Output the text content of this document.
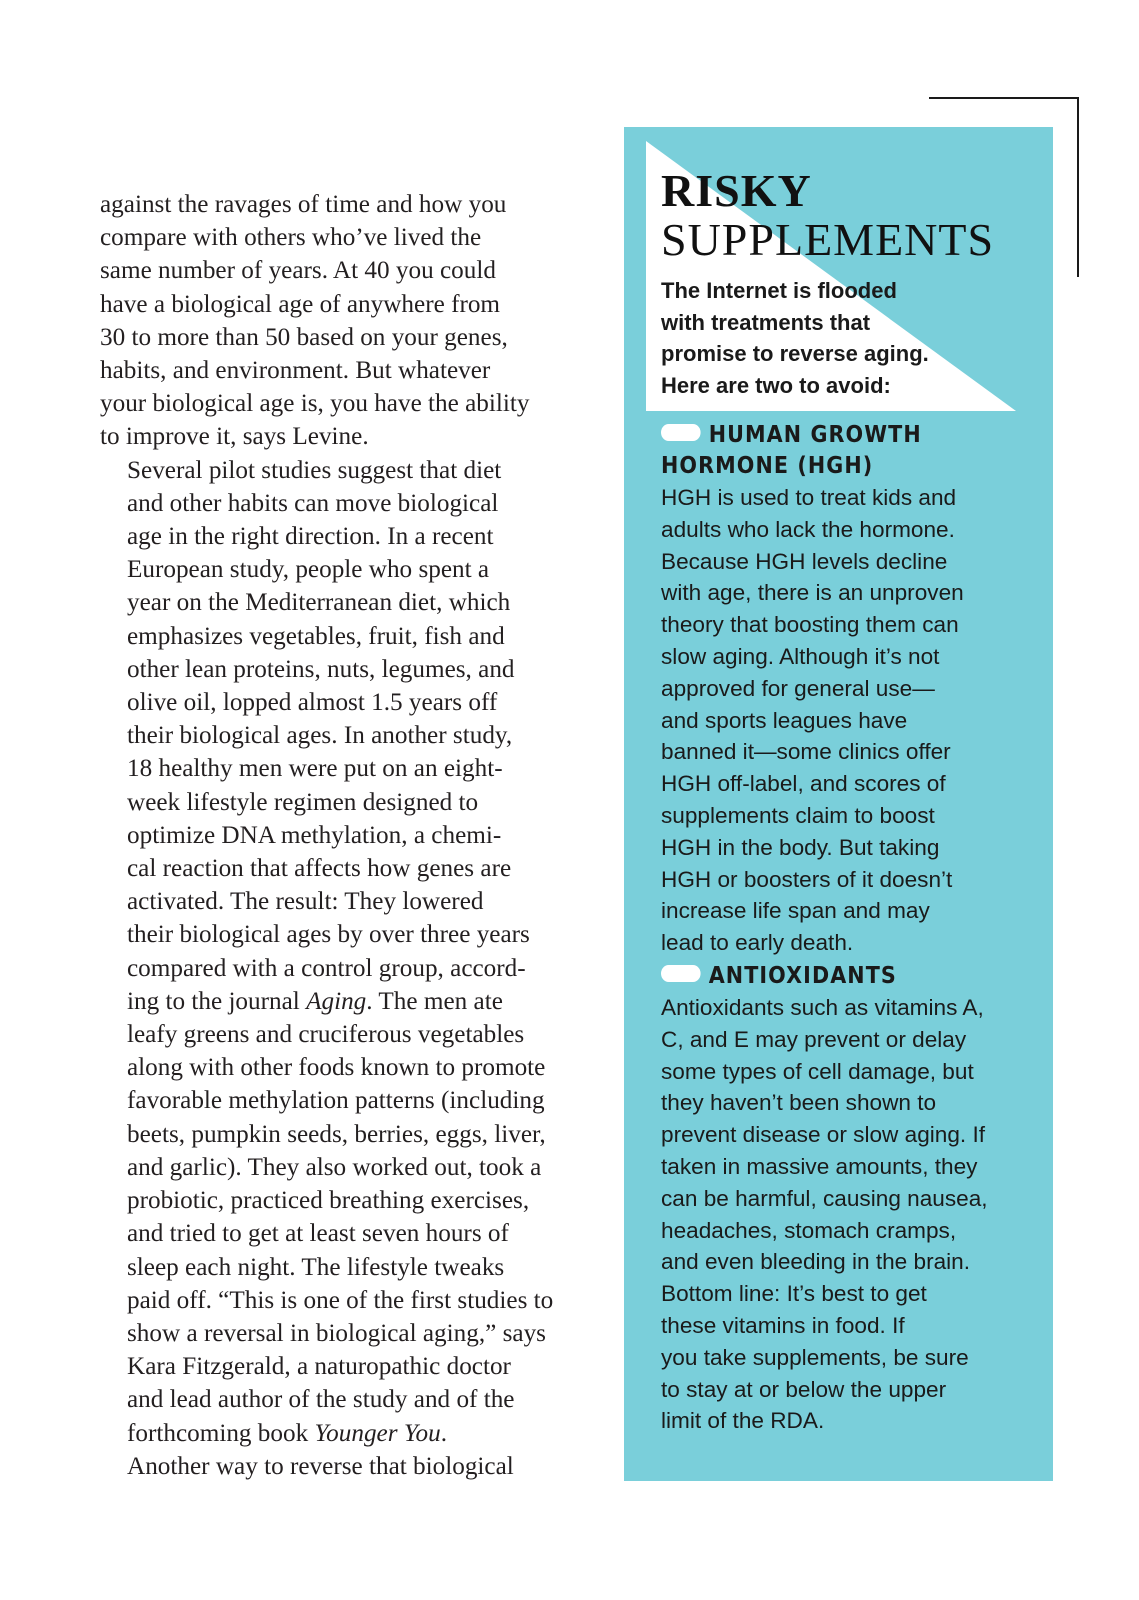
against the ravages of time and how you
compare with others who’ve lived the
same number of years. At 40 you could
have a biological age of anywhere from
30 to more than 50 based on your genes,
habits, and environment. But whatever
your biological age is, you have the ability
to improve it, says Levine.

Several pilot studies suggest that diet
and other habits can move biological
age in the right direction. In a recent
European study, people who spent a
year on the Mediterranean diet, which
emphasizes vegetables, fruit, fish and
other lean proteins, nuts, legumes, and
olive oil, lopped almost 1.5 years off
their biological ages. In another study,
18 healthy men were put on an eight-
week lifestyle regimen designed to
optimize DNA methylation, a chemi-
cal reaction that affects how genes are
activated. The result: They lowered
their biological ages by over three years
compared with a control group, accord-
ing to the journal Aging. The men ate
leafy greens and cruciferous vegetables
along with other foods known to promote
favorable methylation patterns (including
beets, pumpkin seeds, berries, eggs, liver,
and garlic). They also worked out, took a
probiotic, practiced breathing exercises,
and tried to get at least seven hours of
sleep each night. The lifestyle tweaks
paid off. “This is one of the first studies to
show a reversal in biological aging,” says
Kara Fitzgerald, a naturopathic doctor
and lead author of the study and of the
forthcoming book Younger You.

Another way to reverse that biological

RISKY
SUPPLEMENTS
The Internet is flooded
with treatments that
promise to reverse aging.
Here are two to avoid:
HUMAN GROWTH
HORMONE (HGH)
HGH is used to treat kids and
adults who lack the hormone.
Because HGH levels decline
with age, there is an unproven
theory that boosting them can
slow aging. Although it’s not
approved for general use—
and sports leagues have
banned it—some clinics offer
HGH off-label, and scores of
supplements claim to boost
HGH in the body. But taking
HGH or boosters of it doesn’t
increase life span and may
lead to early death.
ANTIOXIDANTS
Antioxidants such as vitamins A,
C, and E may prevent or delay
some types of cell damage, but
they haven’t been shown to
prevent disease or slow aging. If
taken in massive amounts, they
can be harmful, causing nausea,
headaches, stomach cramps,
and even bleeding in the brain.
Bottom line: It’s best to get
these vitamins in food. If
you take supplements, be sure
to stay at or below the upper
limit of the RDA.
